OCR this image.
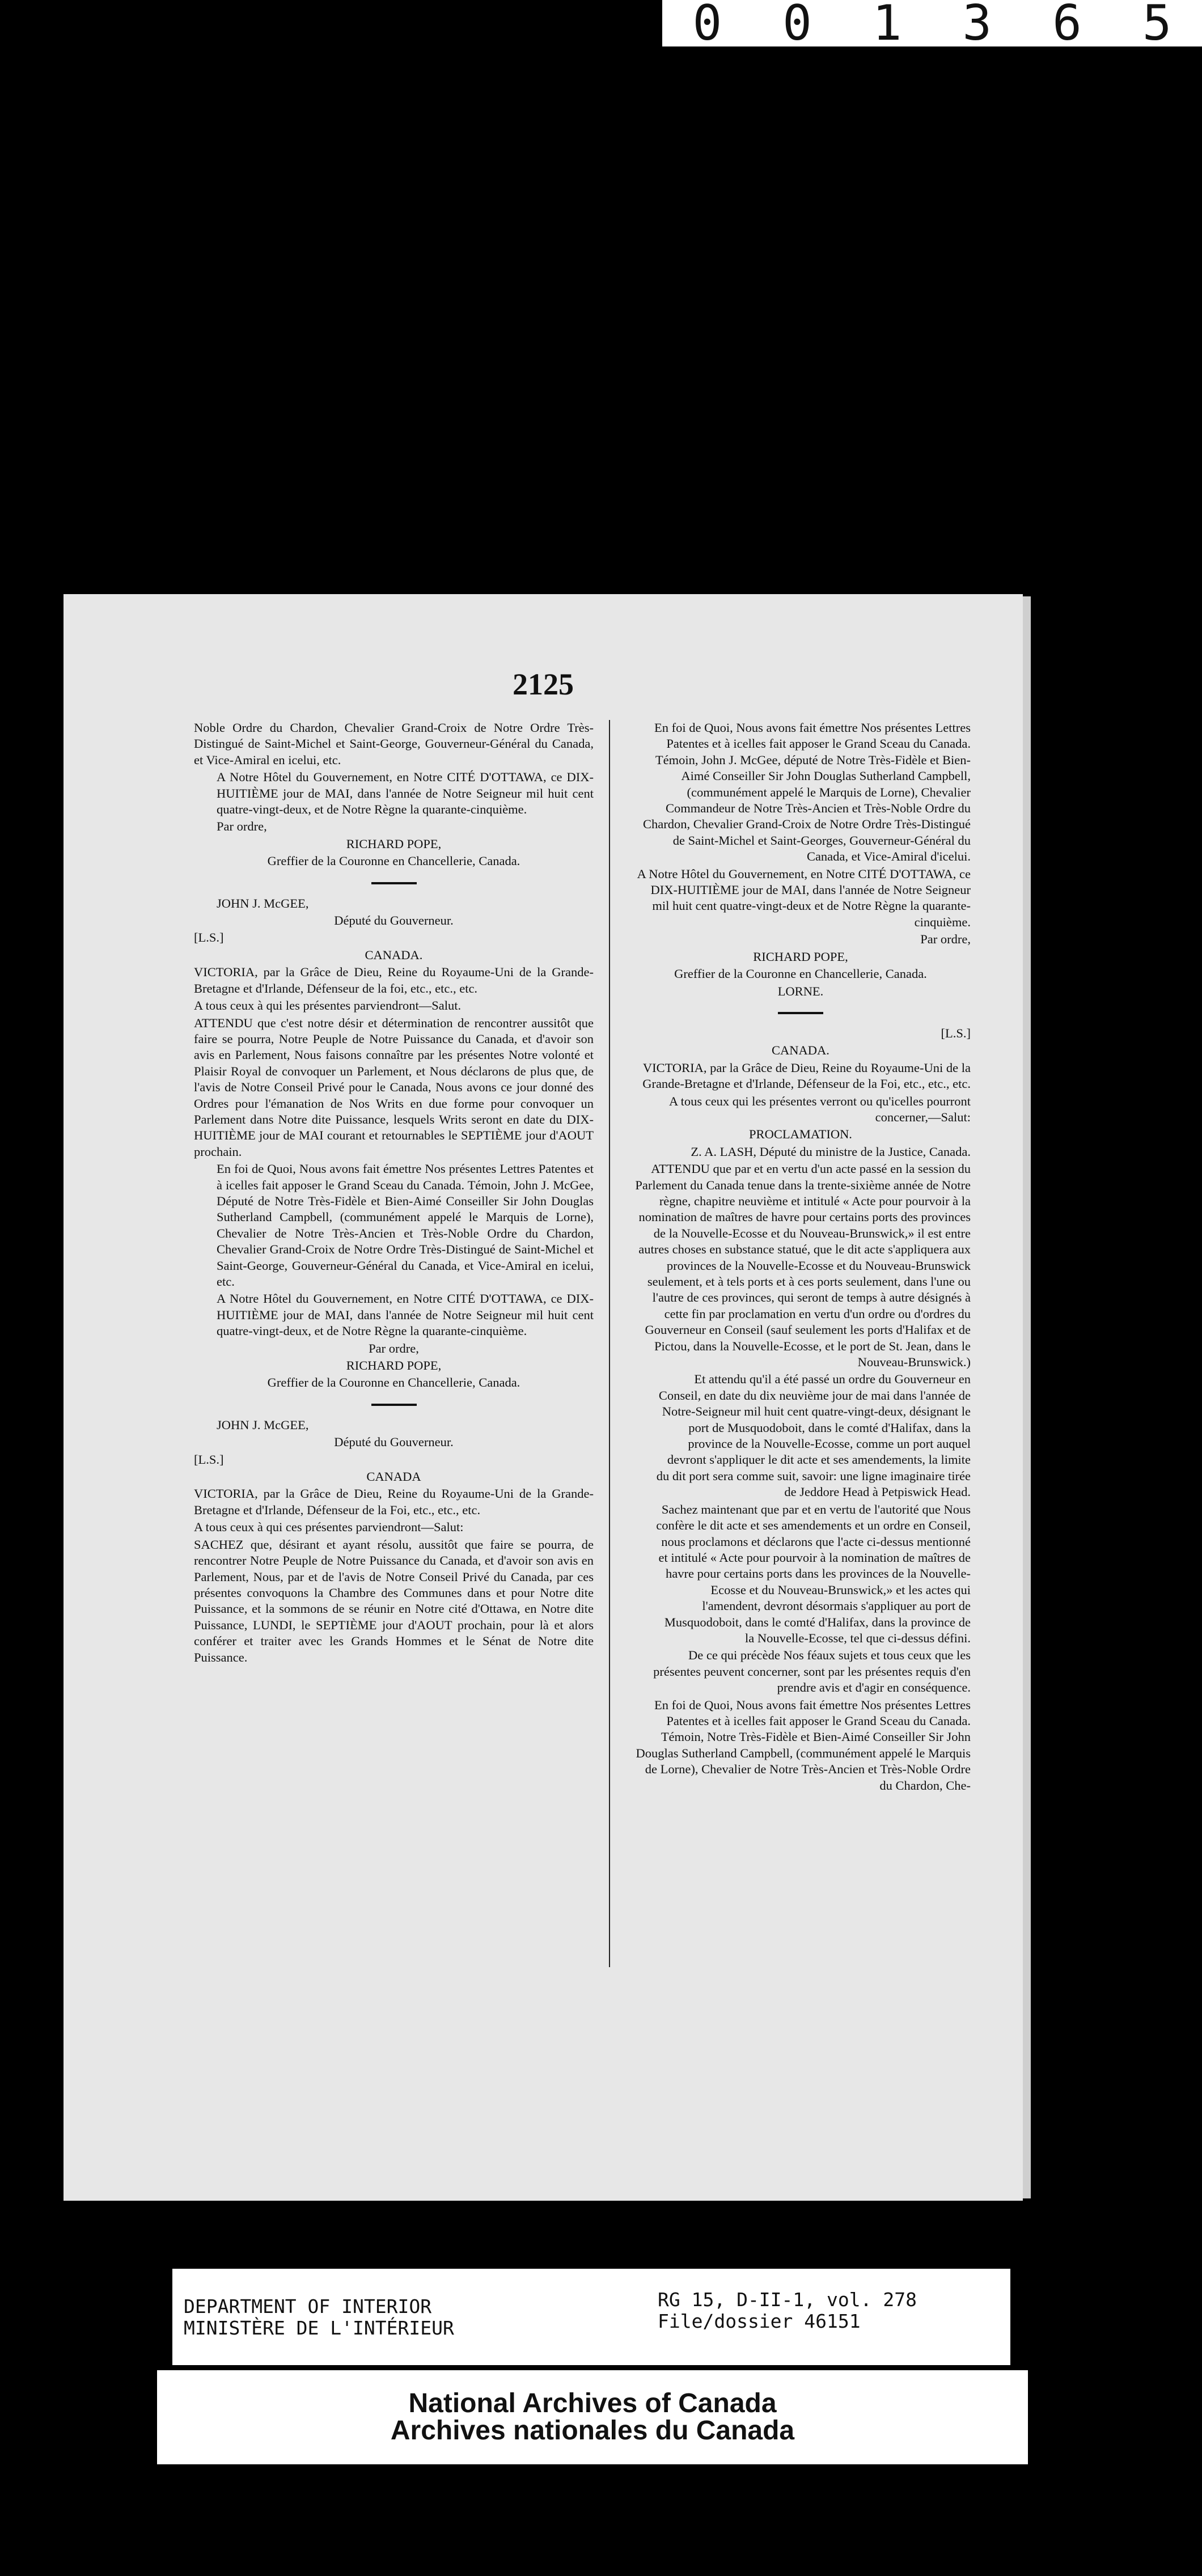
0 0 1 3 6 5
2125

Noble Ordre du Chardon, Chevalier Grand-Croix de Notre Ordre Très-Distingué de Saint-Michel et Saint-George, Gouverneur-Général du Canada, et Vice-Amiral en icelui, etc.

A Notre Hôtel du Gouvernement, en Notre CITÉ D'OTTAWA, ce DIX-HUITIÈME jour de MAI, dans l'année de Notre Seigneur mil huit cent quatre-vingt-deux, et de Notre Règne la quarante-cinquième.

Par ordre,

RICHARD POPE,

Greffier de la Couronne en Chancellerie, Canada.

JOHN J. McGEE,

Député du Gouverneur.

[L.S.]

CANADA.

VICTORIA, par la Grâce de Dieu, Reine du Royaume-Uni de la Grande-Bretagne et d'Irlande, Défenseur de la foi, etc., etc., etc.

A tous ceux à qui les présentes parviendront—Salut.

ATTENDU que c'est notre désir et détermination de rencontrer aussitôt que faire se pourra, Notre Peuple de Notre Puissance du Canada, et d'avoir son avis en Parlement, Nous faisons connaître par les présentes Notre volonté et Plaisir Royal de convoquer un Parlement, et Nous déclarons de plus que, de l'avis de Notre Conseil Privé pour le Canada, Nous avons ce jour donné des Ordres pour l'émanation de Nos Writs en due forme pour convoquer un Parlement dans Notre dite Puissance, lesquels Writs seront en date du DIX-HUITIÈME jour de MAI courant et retournables le SEPTIÈME jour d'AOUT prochain.

En foi de Quoi, Nous avons fait émettre Nos présentes Lettres Patentes et à icelles fait apposer le Grand Sceau du Canada. Témoin, John J. McGee, Député de Notre Très-Fidèle et Bien-Aimé Conseiller Sir John Douglas Sutherland Campbell, (communément appelé le Marquis de Lorne), Chevalier de Notre Très-Ancien et Très-Noble Ordre du Chardon, Chevalier Grand-Croix de Notre Ordre Très-Distingué de Saint-Michel et Saint-George, Gouverneur-Général du Canada, et Vice-Amiral en icelui, etc.

A Notre Hôtel du Gouvernement, en Notre CITÉ D'OTTAWA, ce DIX-HUITIÈME jour de MAI, dans l'année de Notre Seigneur mil huit cent quatre-vingt-deux, et de Notre Règne la quarante-cinquième.

Par ordre,

RICHARD POPE,

Greffier de la Couronne en Chancellerie, Canada.

JOHN J. McGEE,

Député du Gouverneur.

[L.S.]

CANADA

VICTORIA, par la Grâce de Dieu, Reine du Royaume-Uni de la Grande-Bretagne et d'Irlande, Défenseur de la Foi, etc., etc., etc.

A tous ceux à qui ces présentes parviendront—Salut:

SACHEZ que, désirant et ayant résolu, aussitôt que faire se pourra, de rencontrer Notre Peuple de Notre Puissance du Canada, et d'avoir son avis en Parlement, Nous, par et de l'avis de Notre Conseil Privé du Canada, par ces présentes convoquons la Chambre des Communes dans et pour Notre dite Puissance, et la sommons de se réunir en Notre cité d'Ottawa, en Notre dite Puissance, LUNDI, le SEPTIÈME jour d'AOUT prochain, pour là et alors conférer et traiter avec les Grands Hommes et le Sénat de Notre dite Puissance.

En foi de Quoi, Nous avons fait émettre Nos présentes Lettres Patentes et à icelles fait apposer le Grand Sceau du Canada. Témoin, John J. McGee, député de Notre Très-Fidèle et Bien-Aimé Conseiller Sir John Douglas Sutherland Campbell, (communément appelé le Marquis de Lorne), Chevalier Commandeur de Notre Très-Ancien et Très-Noble Ordre du Chardon, Chevalier Grand-Croix de Notre Ordre Très-Distingué de Saint-Michel et Saint-Georges, Gouverneur-Général du Canada, et Vice-Amiral d'icelui.

A Notre Hôtel du Gouvernement, en Notre CITÉ D'OTTAWA, ce DIX-HUITIÈME jour de MAI, dans l'année de Notre Seigneur mil huit cent quatre-vingt-deux et de Notre Règne la quarante-cinquième.

Par ordre,

RICHARD POPE,

Greffier de la Couronne en Chancellerie, Canada.

LORNE.

[L.S.]

CANADA.

VICTORIA, par la Grâce de Dieu, Reine du Royaume-Uni de la Grande-Bretagne et d'Irlande, Défenseur de la Foi, etc., etc., etc.

A tous ceux qui les présentes verront ou qu'icelles pourront concerner,—Salut:

PROCLAMATION.

Z. A. LASH, Député du ministre de la Justice, Canada.

ATTENDU que par et en vertu d'un acte passé en la session du Parlement du Canada tenue dans la trente-sixième année de Notre règne, chapitre neuvième et intitulé « Acte pour pourvoir à la nomination de maîtres de havre pour certains ports des provinces de la Nouvelle-Ecosse et du Nouveau-Brunswick,» il est entre autres choses en substance statué, que le dit acte s'appliquera aux provinces de la Nouvelle-Ecosse et du Nouveau-Brunswick seulement, et à tels ports et à ces ports seulement, dans l'une ou l'autre de ces provinces, qui seront de temps à autre désignés à cette fin par proclamation en vertu d'un ordre ou d'ordres du Gouverneur en Conseil (sauf seulement les ports d'Halifax et de Pictou, dans la Nouvelle-Ecosse, et le port de St. Jean, dans le Nouveau-Brunswick.)

Et attendu qu'il a été passé un ordre du Gouverneur en Conseil, en date du dix neuvième jour de mai dans l'année de Notre-Seigneur mil huit cent quatre-vingt-deux, désignant le port de Musquodoboit, dans le comté d'Halifax, dans la province de la Nouvelle-Ecosse, comme un port auquel devront s'appliquer le dit acte et ses amendements, la limite du dit port sera comme suit, savoir: une ligne imaginaire tirée de Jeddore Head à Petpiswick Head.

Sachez maintenant que par et en vertu de l'autorité que Nous confère le dit acte et ses amendements et un ordre en Conseil, nous proclamons et déclarons que l'acte ci-dessus mentionné et intitulé « Acte pour pourvoir à la nomination de maîtres de havre pour certains ports dans les provinces de la Nouvelle-Ecosse et du Nouveau-Brunswick,» et les actes qui l'amendent, devront désormais s'appliquer au port de Musquodoboit, dans le comté d'Halifax, dans la province de la Nouvelle-Ecosse, tel que ci-dessus défini.

De ce qui précède Nos féaux sujets et tous ceux que les présentes peuvent concerner, sont par les présentes requis d'en prendre avis et d'agir en conséquence.

En foi de Quoi, Nous avons fait émettre Nos présentes Lettres Patentes et à icelles fait apposer le Grand Sceau du Canada. Témoin, Notre Très-Fidèle et Bien-Aimé Conseiller Sir John Douglas Sutherland Campbell, (communément appelé le Marquis de Lorne), Chevalier de Notre Très-Ancien et Très-Noble Ordre du Chardon, Che-

DEPARTMENT OF INTERIOR
MINISTÈRE DE L'INTÉRIEUR
RG 15, D-II-1, vol. 278
File/dossier 46151
National Archives of Canada
Archives nationales du Canada
